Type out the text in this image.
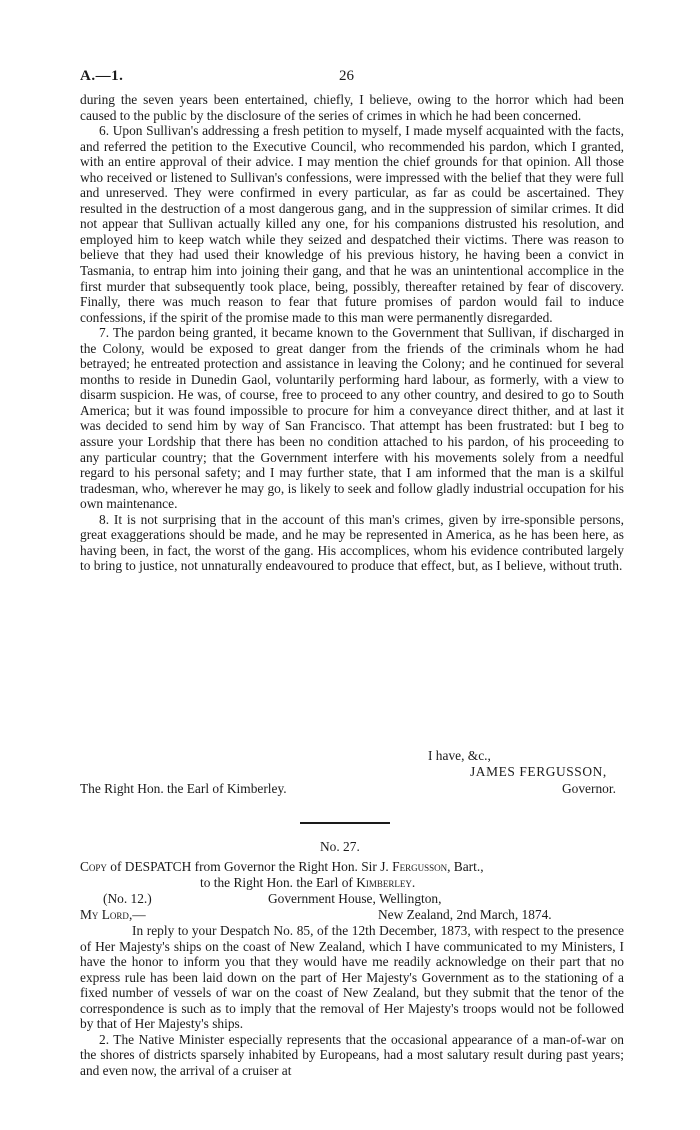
A.—1.	26

during the seven years been entertained, chiefly, I believe, owing to the horror which had been caused to the public by the disclosure of the series of crimes in which he had been concerned.

6. Upon Sullivan's addressing a fresh petition to myself, I made myself acquainted with the facts, and referred the petition to the Executive Council, who recommended his pardon, which I granted, with an entire approval of their advice. I may mention the chief grounds for that opinion. All those who received or listened to Sullivan's confessions, were impressed with the belief that they were full and unreserved. They were confirmed in every particular, as far as could be ascertained. They resulted in the destruction of a most dangerous gang, and in the suppression of similar crimes. It did not appear that Sullivan actually killed any one, for his companions distrusted his resolution, and employed him to keep watch while they seized and despatched their victims. There was reason to believe that they had used their knowledge of his previous history, he having been a convict in Tasmania, to entrap him into joining their gang, and that he was an unintentional accomplice in the first murder that subsequently took place, being, possibly, thereafter retained by fear of discovery. Finally, there was much reason to fear that future promises of pardon would fail to induce confessions, if the spirit of the promise made to this man were permanently disregarded.

7. The pardon being granted, it became known to the Government that Sullivan, if discharged in the Colony, would be exposed to great danger from the friends of the criminals whom he had betrayed; he entreated protection and assistance in leaving the Colony; and he continued for several months to reside in Dunedin Gaol, voluntarily performing hard labour, as formerly, with a view to disarm suspicion. He was, of course, free to proceed to any other country, and desired to go to South America; but it was found impossible to procure for him a conveyance direct thither, and at last it was decided to send him by way of San Francisco. That attempt has been frustrated: but I beg to assure your Lordship that there has been no condition attached to his pardon, of his proceeding to any particular country; that the Government interfere with his movements solely from a needful regard to his personal safety; and I may further state, that I am informed that the man is a skilful tradesman, who, wherever he may go, is likely to seek and follow gladly industrial occupation for his own maintenance.

8. It is not surprising that in the account of this man's crimes, given by irre-sponsible persons, great exaggerations should be made, and he may be represented in America, as he has been here, as having been, in fact, the worst of the gang. His accomplices, whom his evidence contributed largely to bring to justice, not unnaturally endeavoured to produce that effect, but, as I believe, without truth.

I have, &c.,
JAMES FERGUSSON,
The Right Hon. the Earl of Kimberley.	Governor.
No. 27.
Copy of DESPATCH from Governor the Right Hon. Sir J. Fergusson, Bart.,
to the Right Hon. the Earl of Kimberley.
(No. 12.)	Government House, Wellington,
My Lord,—	New Zealand, 2nd March, 1874.

In reply to your Despatch No. 85, of the 12th December, 1873, with respect to the presence of Her Majesty's ships on the coast of New Zealand, which I have communicated to my Ministers, I have the honor to inform you that they would have me readily acknowledge on their part that no express rule has been laid down on the part of Her Majesty's Government as to the stationing of a fixed number of vessels of war on the coast of New Zealand, but they submit that the tenor of the correspondence is such as to imply that the removal of Her Majesty's troops would not be followed by that of Her Majesty's ships.

2. The Native Minister especially represents that the occasional appearance of a man-of-war on the shores of districts sparsely inhabited by Europeans, had a most salutary result during past years; and even now, the arrival of a cruiser at
